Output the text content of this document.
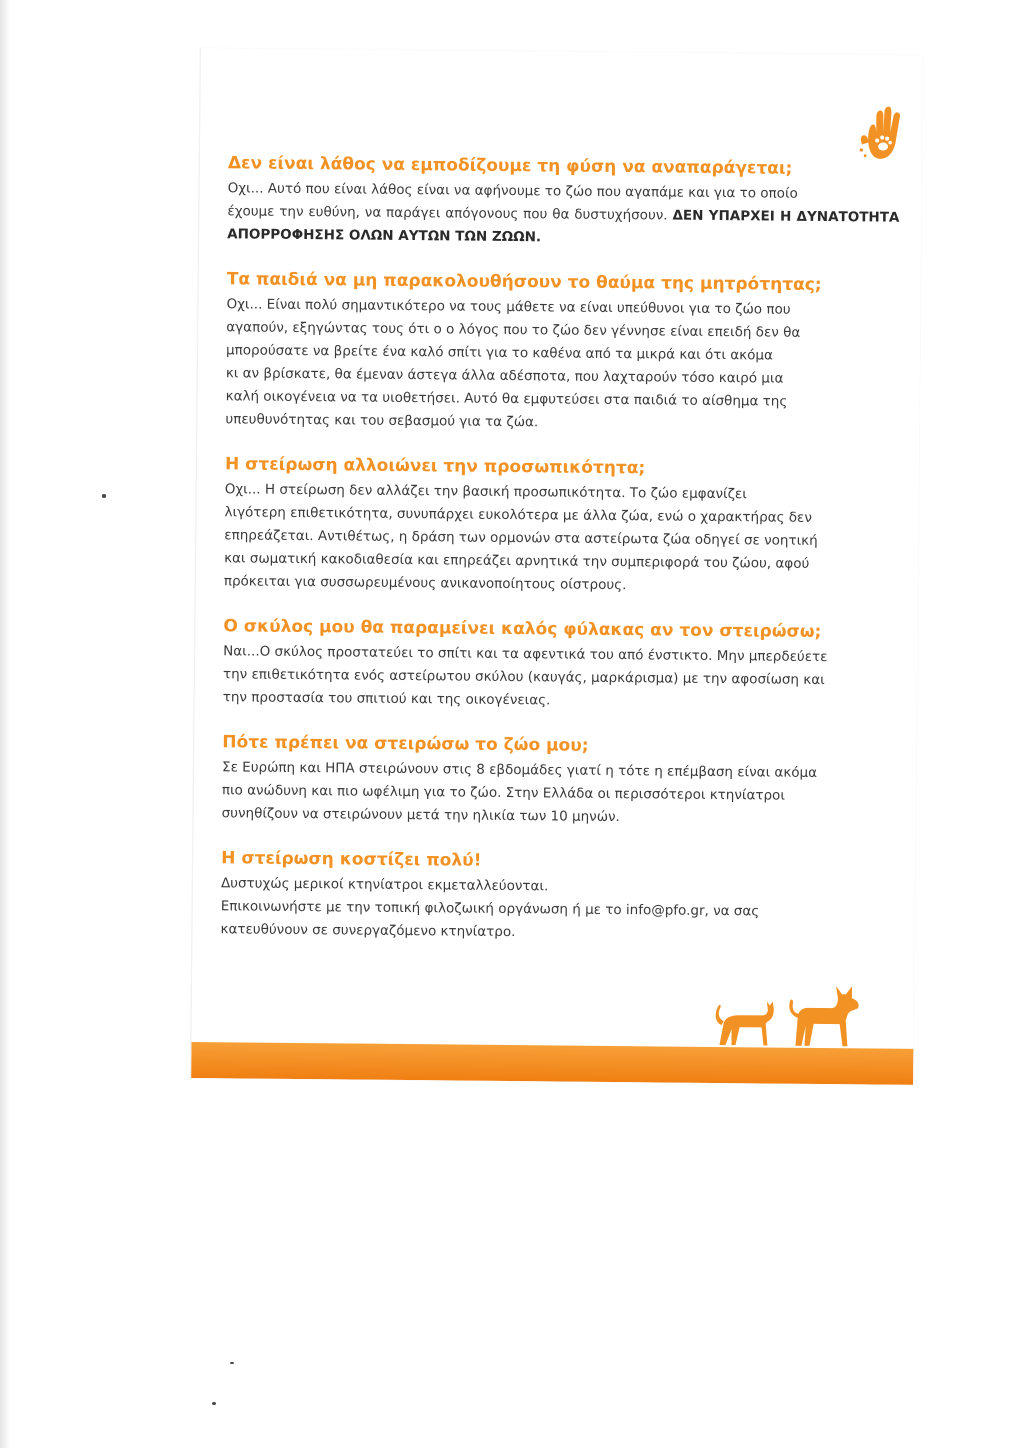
Δεν είναι λάθος να εμποδίζουμε τη φύση να αναπαράγεται;

Οχι... Αυτό που είναι λάθος είναι να αφήνουμε το ζώο που αγαπάμε και για το οποίο
έχουμε την ευθύνη, να παράγει απόγονους που θα δυστυχήσουν. ΔΕΝ ΥΠΑΡΧΕΙ Η ΔΥΝΑΤΟΤΗΤΑ ΑΠΟΡΡΟΦΗΣΗΣ ΟΛΩΝ ΑΥΤΩΝ ΤΩΝ ΖΩΩΝ.

Τα παιδιά να μη παρακολουθήσουν το θαύμα της μητρότητας;

Οχι... Είναι πολύ σημαντικότερο να τους μάθετε να είναι υπεύθυνοι για το ζώο που
αγαπούν, εξηγώντας τους ότι ο ο λόγος που το ζώο δεν γέννησε είναι επειδή δεν θα
μπορούσατε να βρείτε ένα καλό σπίτι για το καθένα από τα μικρά και ότι ακόμα
κι αν βρίσκατε, θα έμεναν άστεγα άλλα αδέσποτα, που λαχταρούν τόσο καιρό μια
καλή οικογένεια να τα υιοθετήσει. Αυτό θα εμφυτεύσει στα παιδιά το αίσθημα της
υπευθυνότητας και του σεβασμού για τα ζώα.

Η στείρωση αλλοιώνει την προσωπικότητα;

Οχι... Η στείρωση δεν αλλάζει την βασική προσωπικότητα. Το ζώο εμφανίζει
λιγότερη επιθετικότητα, συνυπάρχει ευκολότερα με άλλα ζώα, ενώ ο χαρακτήρας δεν
επηρεάζεται. Αντιθέτως, η δράση των ορμονών στα αστείρωτα ζώα οδηγεί σε νοητική
και σωματική κακοδιαθεσία και επηρεάζει αρνητικά την συμπεριφορά του ζώου, αφού
πρόκειται για συσσωρευμένους ανικανοποίητους οίστρους.

Ο σκύλος μου θα παραμείνει καλός φύλακας αν τον στειρώσω;

Ναι...Ο σκύλος προστατεύει το σπίτι και τα αφεντικά του από ένστικτο. Μην μπερδεύετε
την επιθετικότητα ενός αστείρωτου σκύλου (καυγάς, μαρκάρισμα) με την αφοσίωση και
την προστασία του σπιτιού και της οικογένειας.

Πότε πρέπει να στειρώσω το ζώο μου;

Σε Ευρώπη και ΗΠΑ στειρώνουν στις 8 εβδομάδες γιατί η τότε η επέμβαση είναι ακόμα
πιο ανώδυνη και πιο ωφέλιμη για το ζώο. Στην Ελλάδα οι περισσότεροι κτηνίατροι
συνηθίζουν να στειρώνουν μετά την ηλικία των 10 μηνών.

Η στείρωση κοστίζει πολύ!

Δυστυχώς μερικοί κτηνίατροι εκμεταλλεύονται.
Επικοινωνήστε με την τοπική φιλοζωική οργάνωση ή με το info@pfo.gr, να σας
κατευθύνουν σε συνεργαζόμενο κτηνίατρο.
